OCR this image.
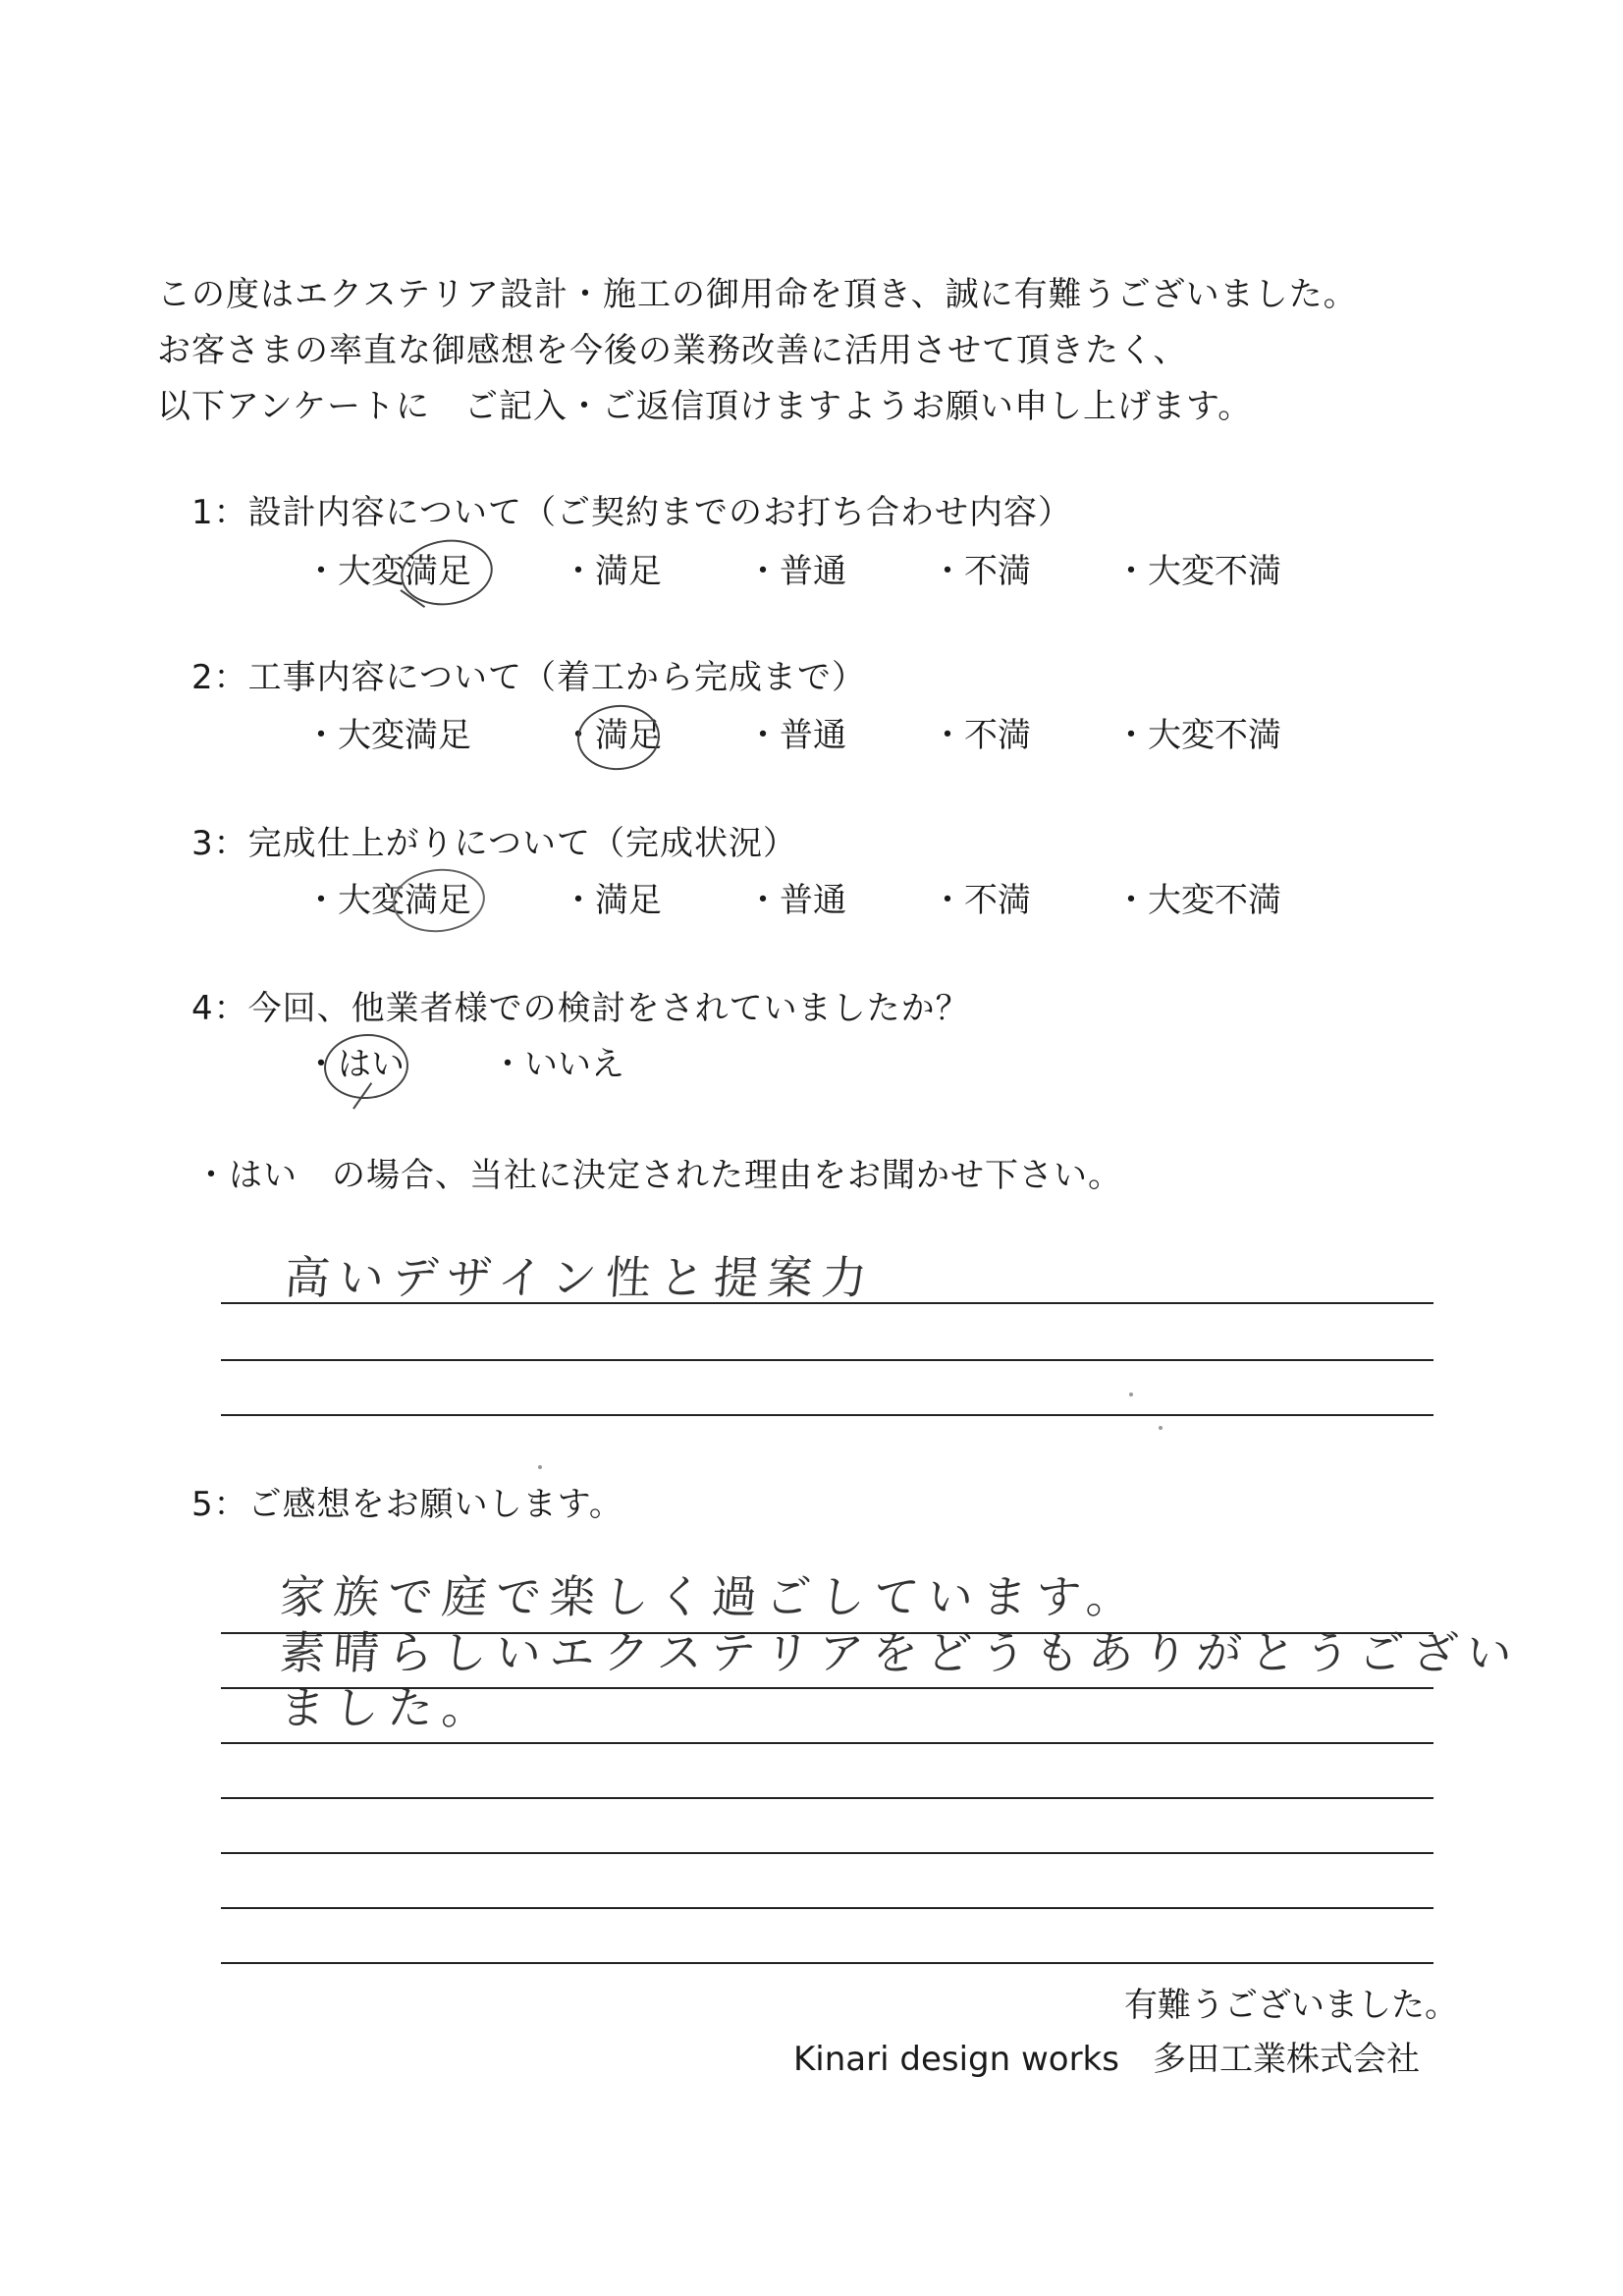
この度はエクステリア設計・施工の御用命を頂き、誠に有難うございました。
お客さまの率直な御感想を今後の業務改善に活用させて頂きたく、
以下アンケートに　ご記入・ご返信頂けますようお願い申し上げます。
1：設計内容について（ご契約までのお打ち合わせ内容）
・大変満足	・満足	・普通	・不満	・大変不満
2：工事内容について（着工から完成まで）
・大変満足	・満足	・普通	・不満	・大変不満
3：完成仕上がりについて（完成状況）
・大変満足	・満足	・普通	・不満	・大変不満
4：今回、他業者様での検討をされていましたか？
・はい	・いいえ
・はい　の場合、当社に決定された理由をお聞かせ下さい。
高いデザイン性と提案力
5：ご感想をお願いします。
家族で庭で楽しく過ごしています。
素晴らしいエクステリアをどうもありがとうござい
ました。
有難うございました。
Kinari design works　多田工業株式会社
